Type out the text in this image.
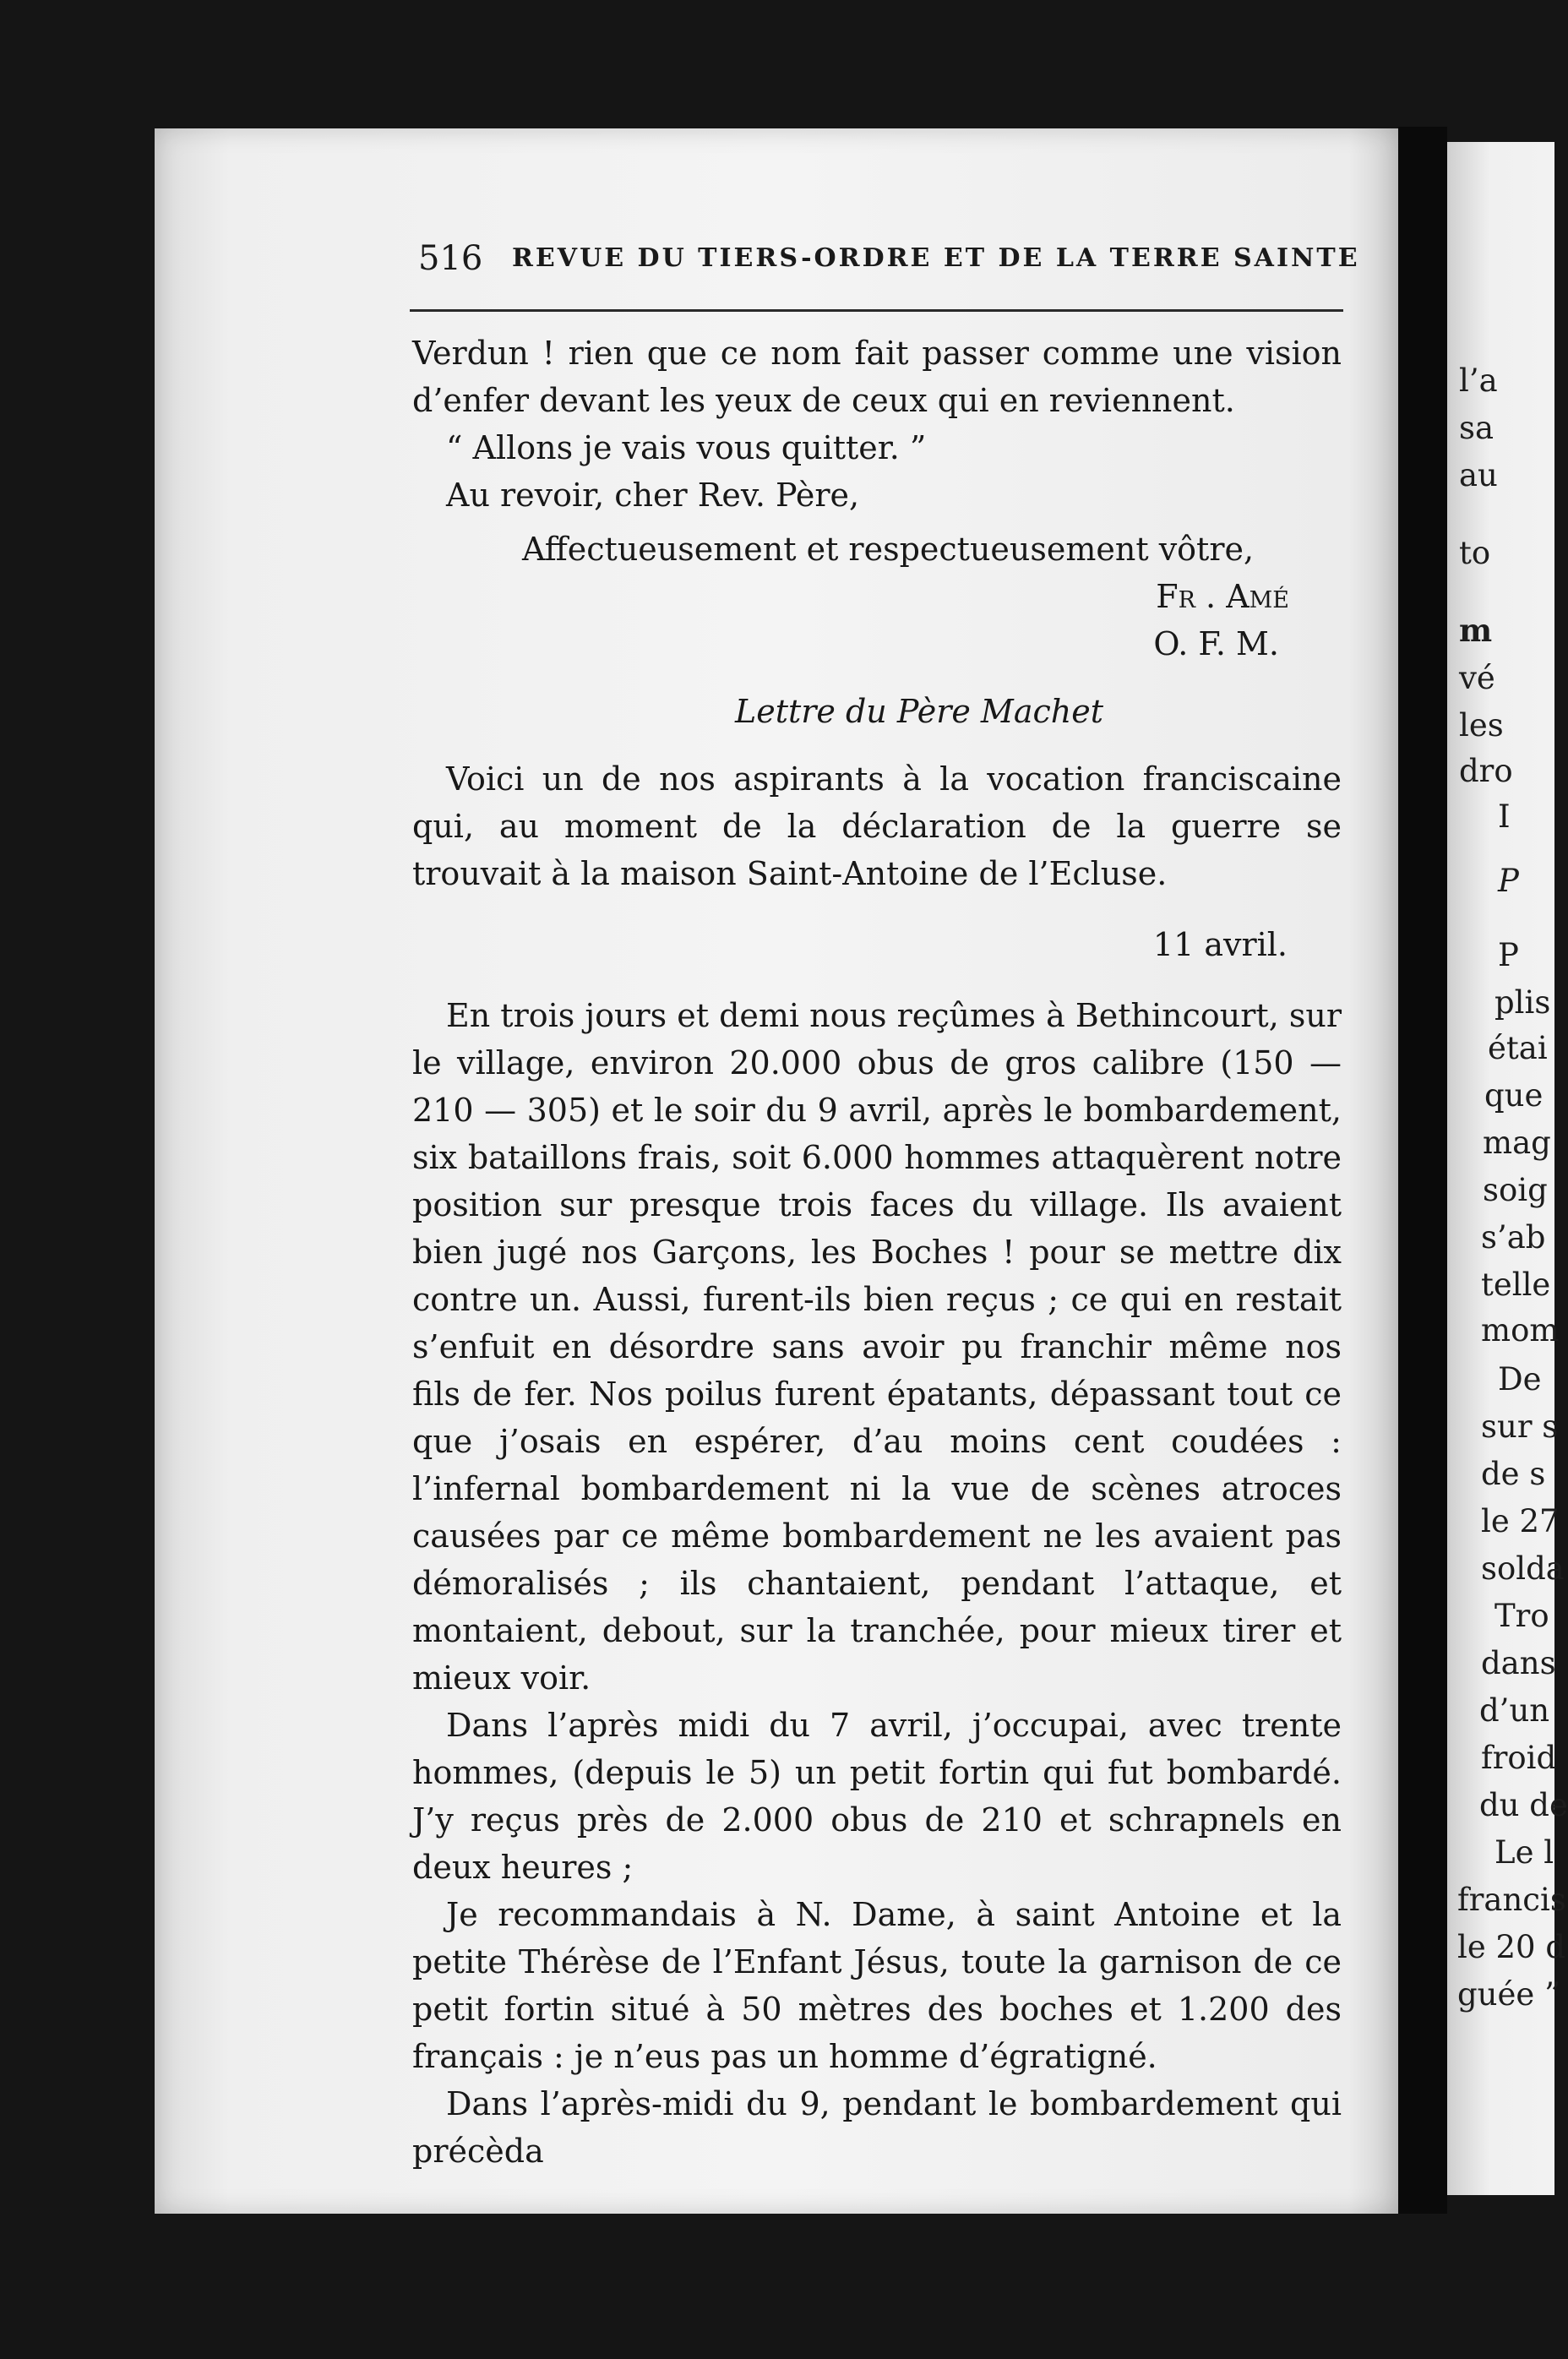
l’a
sa
au
to
m
vé
les
dro
I
P
P
plis
étai
que
mag
soig
s’ab
telle
mom
De
sur s
de s
le 27
solda
Tro
dans
d’un
froid
du de
Le l
francis
le 20 d
guée ”
516 REVUE DU TIERS-ORDRE ET DE LA TERRE SAINTE

Verdun ! rien que ce nom fait passer comme une vision d’enfer devant les yeux de ceux qui en reviennent.

“ Allons je vais vous quitter. ”

Au revoir, cher Rev. Père,

Affectueusement et respectueusement vôtre,

Fr . Amé

O. F. M.

Lettre du Père Machet

Voici un de nos aspirants à la vocation franciscaine qui, au moment de la déclaration de la guerre se trouvait à la maison Saint-Antoine de l’Ecluse.

11 avril.

En trois jours et demi nous reçûmes à Bethincourt, sur le village, environ 20.000 obus de gros calibre (150 — 210 — 305) et le soir du 9 avril, après le bombardement, six bataillons frais, soit 6.000 hommes attaquèrent notre position sur presque trois faces du village. Ils avaient bien jugé nos Garçons, les Boches ! pour se mettre dix contre un. Aussi, furent-ils bien reçus ; ce qui en restait s’enfuit en désordre sans avoir pu franchir même nos fils de fer. Nos poilus furent épatants, dépassant tout ce que j’osais en espérer, d’au moins cent coudées : l’infernal bombardement ni la vue de scènes atroces causées par ce même bombardement ne les avaient pas démoralisés ; ils chantaient, pendant l’attaque, et montaient, debout, sur la tranchée, pour mieux tirer et mieux voir.

Dans l’après midi du 7 avril, j’occupai, avec trente hommes, (depuis le 5) un petit fortin qui fut bombardé. J’y reçus près de 2.000 obus de 210 et schrapnels en deux heures ;

Je recommandais à N. Dame, à saint Antoine et la petite Thérèse de l’Enfant Jésus, toute la garnison de ce petit fortin situé à 50 mètres des boches et 1.200 des français : je n’eus pas un homme d’égratigné.

Dans l’après-midi du 9, pendant le bombardement qui précèda
